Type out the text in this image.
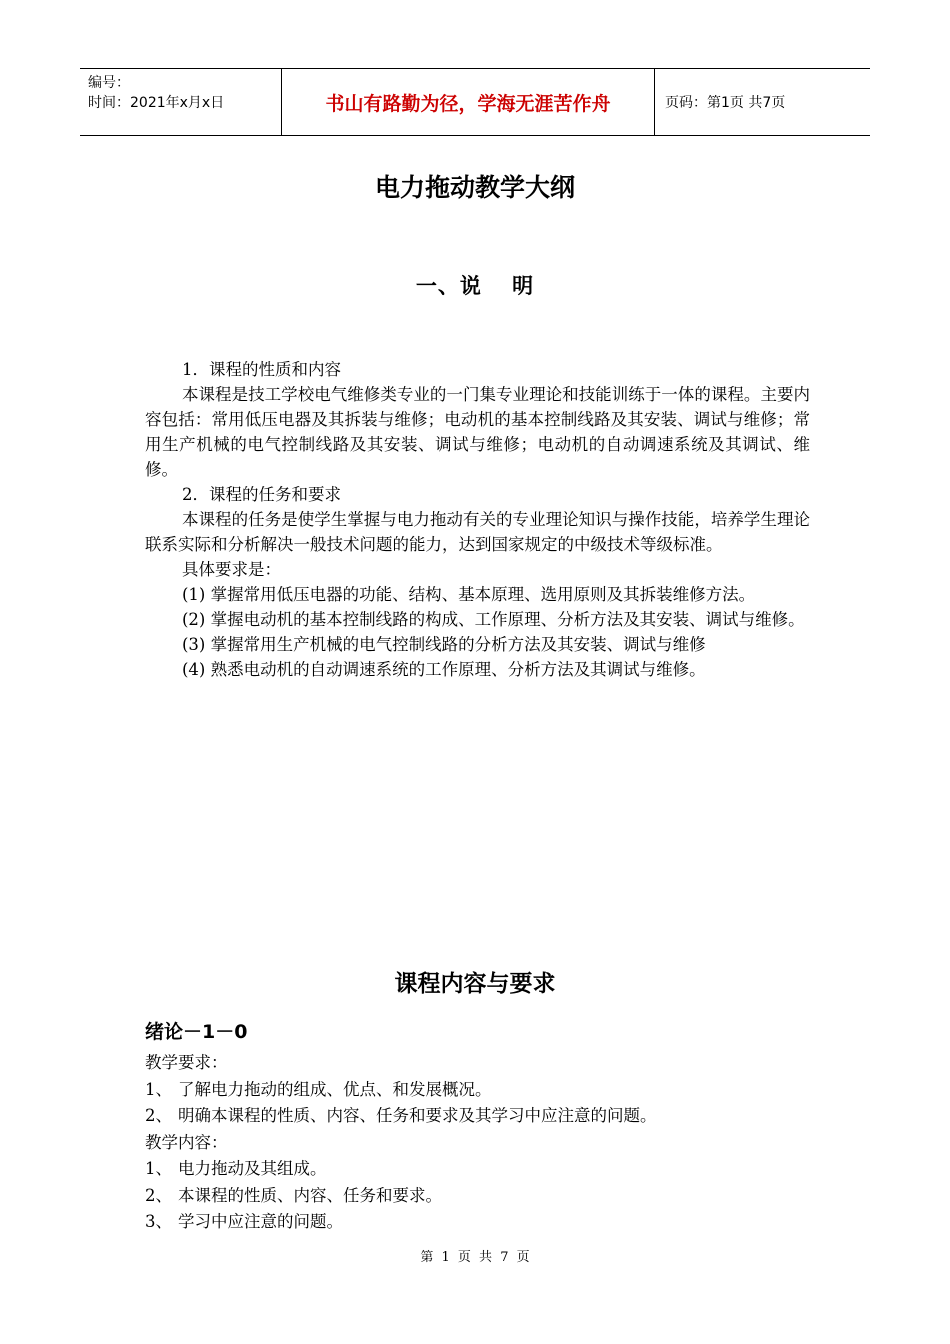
编号：
时间：2021年x月x日	书山有路勤为径，学海无涯苦作舟	页码：第1页 共7页
电力拖动教学大纲
一、说　 明

1．课程的性质和内容

本课程是技工学校电气维修类专业的一门集专业理论和技能训练于一体的课程。主要内容包括：常用低压电器及其拆装与维修；电动机的基本控制线路及其安装、调试与维修；常用生产机械的电气控制线路及其安装、调试与维修；电动机的自动调速系统及其调试、维修。

2．课程的任务和要求

本课程的任务是使学生掌握与电力拖动有关的专业理论知识与操作技能，培养学生理论联系实际和分析解决一般技术问题的能力，达到国家规定的中级技术等级标准。

具体要求是：

(1) 掌握常用低压电器的功能、结构、基本原理、选用原则及其拆装维修方法。

(2) 掌握电动机的基本控制线路的构成、工作原理、分析方法及其安装、调试与维修。

(3) 掌握常用生产机械的电气控制线路的分析方法及其安装、调试与维修

(4) 熟悉电动机的自动调速系统的工作原理、分析方法及其调试与维修。

课程内容与要求
绪论－1－0

教学要求：

1、 了解电力拖动的组成、优点、和发展概况。

2、 明确本课程的性质、内容、任务和要求及其学习中应注意的问题。

教学内容：

1、 电力拖动及其组成。

2、 本课程的性质、内容、任务和要求。

3、 学习中应注意的问题。

第 1 页 共 7 页
